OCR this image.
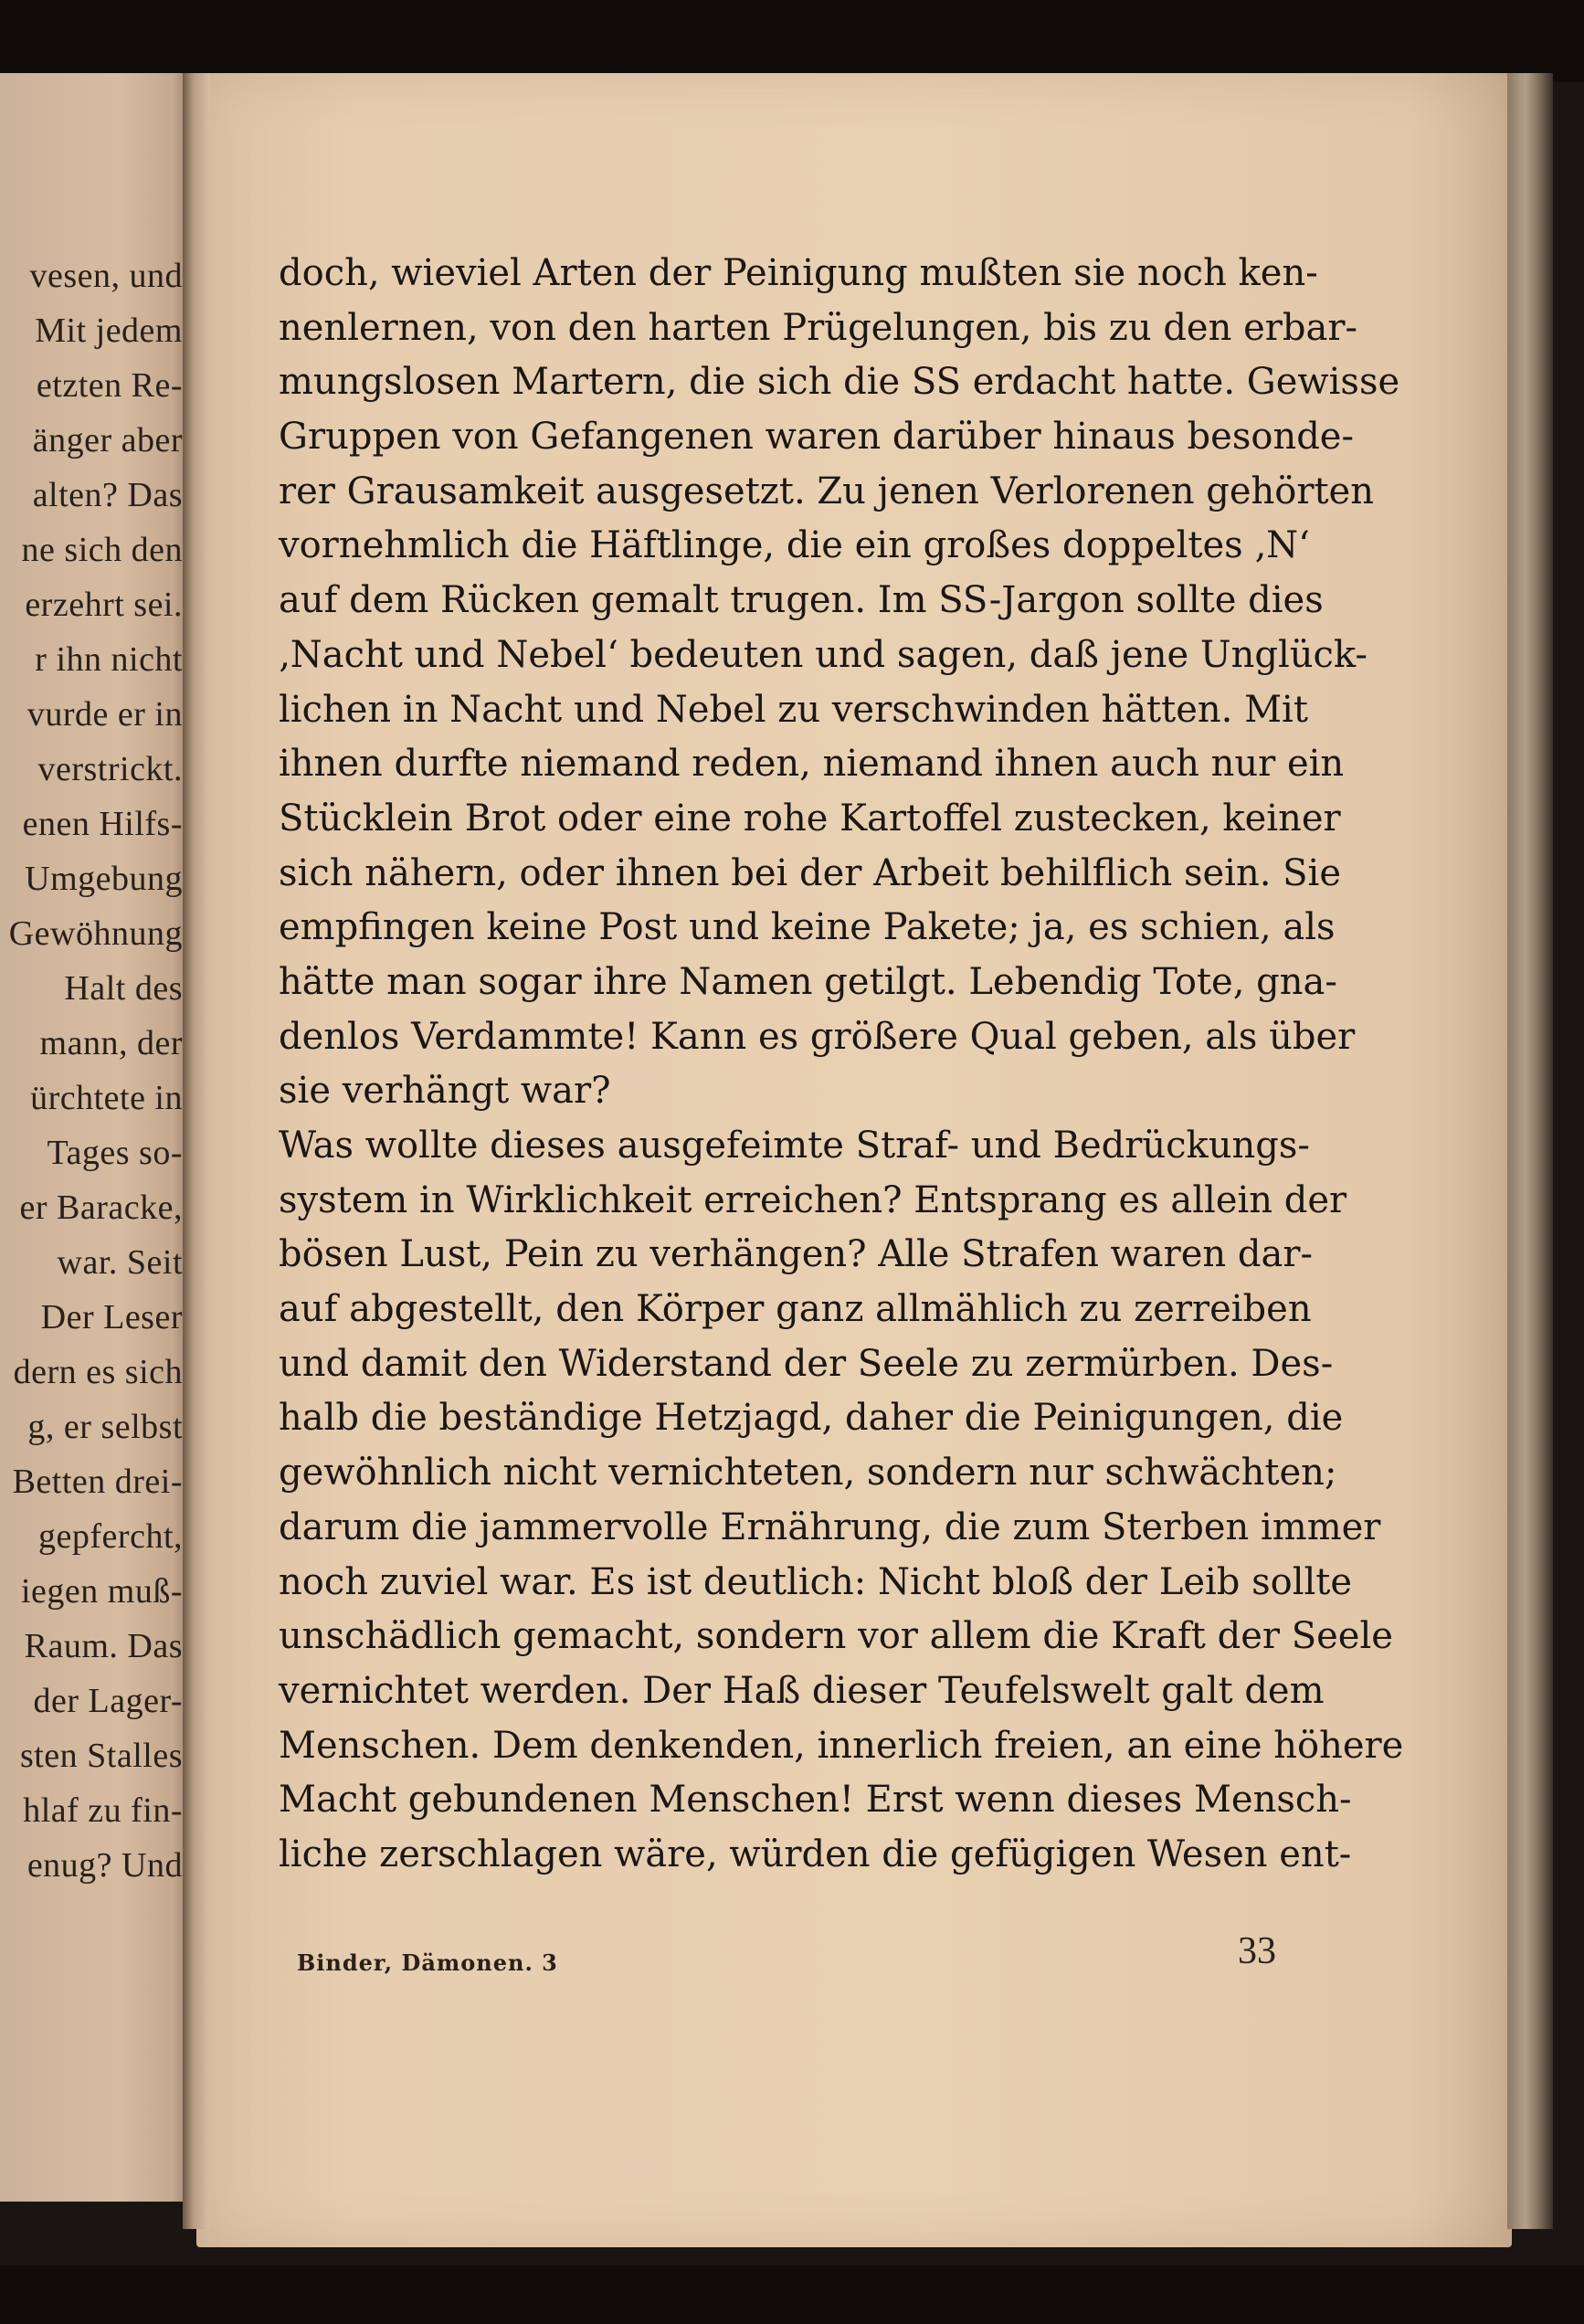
vesen, und
Mit jedem
etzten Re-
änger aber
alten? Das
ne sich den
erzehrt sei.
r ihn nicht
vurde er in
verstrickt.
enen Hilfs-
Umgebung
Gewöhnung
Halt des
mann, der
ürchtete in
Tages so-
er Baracke,
war. Seit
Der Leser
dern es sich
g, er selbst
Betten drei-
gepfercht,
iegen muß-
Raum. Das
der Lager-
sten Stalles
hlaf zu fin-
enug? Und
doch, wieviel Arten der Peinigung mußten sie noch ken-
nenlernen, von den harten Prügelungen, bis zu den erbar-
mungslosen Martern, die sich die SS erdacht hatte. Gewisse
Gruppen von Gefangenen waren darüber hinaus besonde-
rer Grausamkeit ausgesetzt. Zu jenen Verlorenen gehörten
vornehmlich die Häftlinge, die ein großes doppeltes ‚N‘
auf dem Rücken gemalt trugen. Im SS-Jargon sollte dies
‚Nacht und Nebel‘ bedeuten und sagen, daß jene Unglück-
lichen in Nacht und Nebel zu verschwinden hätten. Mit
ihnen durfte niemand reden, niemand ihnen auch nur ein
Stücklein Brot oder eine rohe Kartoffel zustecken, keiner
sich nähern, oder ihnen bei der Arbeit behilflich sein. Sie
empfingen keine Post und keine Pakete; ja, es schien, als
hätte man sogar ihre Namen getilgt. Lebendig Tote, gna-
denlos Verdammte! Kann es größere Qual geben, als über
sie verhängt war?
Was wollte dieses ausgefeimte Straf- und Bedrückungs-
system in Wirklichkeit erreichen? Entsprang es allein der
bösen Lust, Pein zu verhängen? Alle Strafen waren dar-
auf abgestellt, den Körper ganz allmählich zu zerreiben
und damit den Widerstand der Seele zu zermürben. Des-
halb die beständige Hetzjagd, daher die Peinigungen, die
gewöhnlich nicht vernichteten, sondern nur schwächten;
darum die jammervolle Ernährung, die zum Sterben immer
noch zuviel war. Es ist deutlich: Nicht bloß der Leib sollte
unschädlich gemacht, sondern vor allem die Kraft der Seele
vernichtet werden. Der Haß dieser Teufelswelt galt dem
Menschen. Dem denkenden, innerlich freien, an eine höhere
Macht gebundenen Menschen! Erst wenn dieses Mensch-
liche zerschlagen wäre, würden die gefügigen Wesen ent-
Binder, Dämonen. 3	33
